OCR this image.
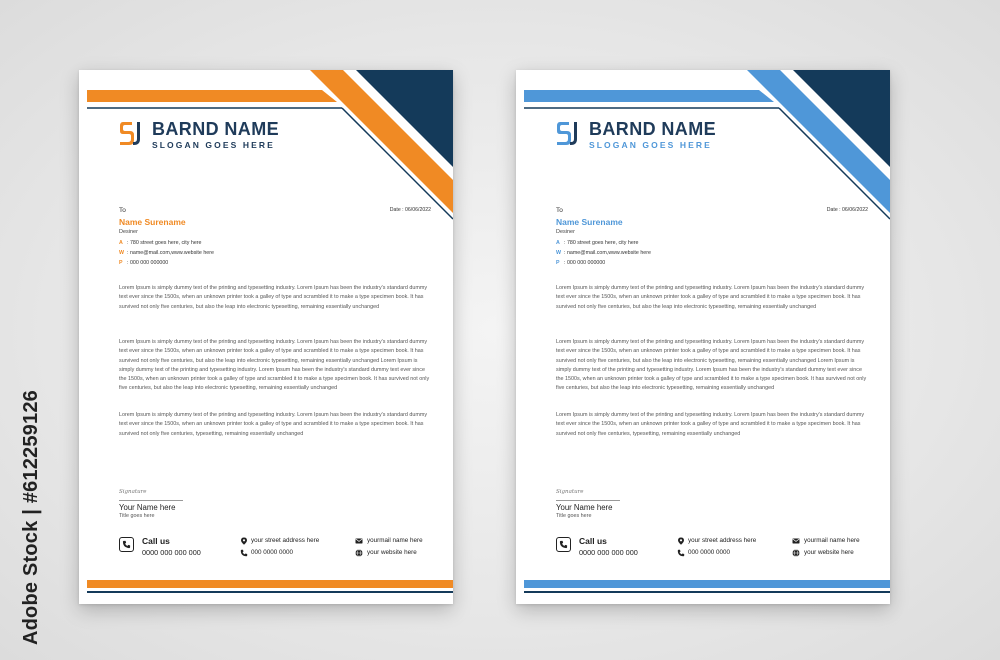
Adobe Stock | #612259126
BARND NAME
SLOGAN GOES HERE
Date : 06/06/2022
To
Name Surename
Desiner
A : 780 street goes here, city here
W : name@mail.com,www.website here
P : 000 000 000000

Lorem Ipsum is simply dummy text of the printing and typesetting industry. Lorem Ipsum has been the industry's standard dummy text ever since the 1500s, when an unknown printer took a galley of type and scrambled it to make a type specimen book. It has survived not only five centuries, but also the leap into electronic typesetting, remaining essentially unchanged

Lorem Ipsum is simply dummy text of the printing and typesetting industry. Lorem Ipsum has been the industry's standard dummy text ever since the 1500s, when an unknown printer took a galley of type and scrambled it to make a type specimen book. It has survived not only five centuries, but also the leap into electronic typesetting, remaining essentially unchanged Lorem Ipsum is simply dummy text of the printing and typesetting industry. Lorem Ipsum has been the industry's standard dummy text ever since the 1500s, when an unknown printer took a galley of type and scrambled it to make a type specimen book. It has survived not only five centuries, but also the leap into electronic typesetting, remaining essentially unchanged

Lorem Ipsum is simply dummy text of the printing and typesetting industry. Lorem Ipsum has been the industry's standard dummy text ever since the 1500s, when an unknown printer took a galley of type and scrambled it to make a type specimen book. It has survived not only five centuries, typesetting, remaining essentially unchanged

Signature
Your Name here
Title goes here
Call us
0000 000 000 000
your street address here
000 0000 0000
yourmail name here
your website here
BARND NAME
SLOGAN GOES HERE
Date : 06/06/2022
To
Name Surename
Desiner
A : 780 street goes here, city here
W : name@mail.com,www.website here
P : 000 000 000000

Lorem Ipsum is simply dummy text of the printing and typesetting industry. Lorem Ipsum has been the industry's standard dummy text ever since the 1500s, when an unknown printer took a galley of type and scrambled it to make a type specimen book. It has survived not only five centuries, but also the leap into electronic typesetting, remaining essentially unchanged

Lorem Ipsum is simply dummy text of the printing and typesetting industry. Lorem Ipsum has been the industry's standard dummy text ever since the 1500s, when an unknown printer took a galley of type and scrambled it to make a type specimen book. It has survived not only five centuries, but also the leap into electronic typesetting, remaining essentially unchanged Lorem Ipsum is simply dummy text of the printing and typesetting industry. Lorem Ipsum has been the industry's standard dummy text ever since the 1500s, when an unknown printer took a galley of type and scrambled it to make a type specimen book. It has survived not only five centuries, but also the leap into electronic typesetting, remaining essentially unchanged

Lorem Ipsum is simply dummy text of the printing and typesetting industry. Lorem Ipsum has been the industry's standard dummy text ever since the 1500s, when an unknown printer took a galley of type and scrambled it to make a type specimen book. It has survived not only five centuries, typesetting, remaining essentially unchanged

Signature
Your Name here
Title goes here
Call us
0000 000 000 000
your street address here
000 0000 0000
yourmail name here
your website here
